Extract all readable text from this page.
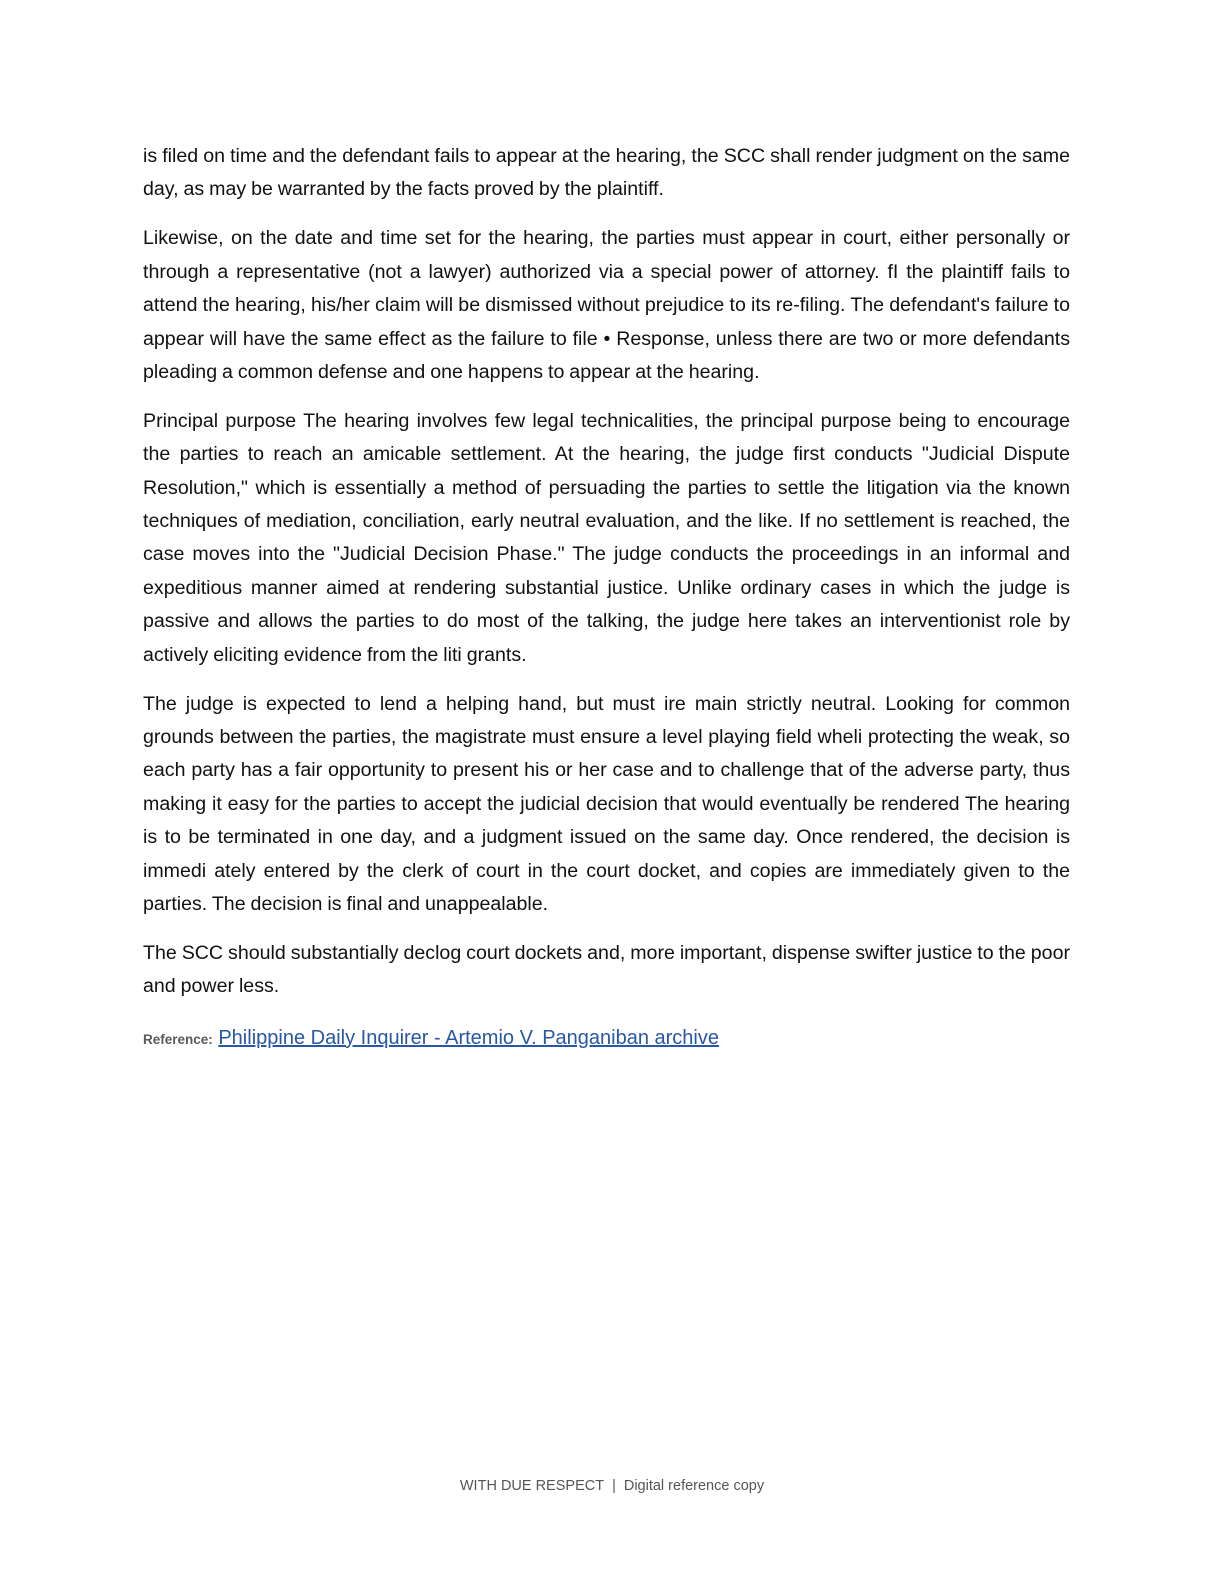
is filed on time and the defendant fails to appear at the hearing, the SCC shall render judgment on the same day, as may be warranted by the facts proved by the plaintiff.

Likewise, on the date and time set for the hearing, the parties must appear in court, either personally or through a representative (not a lawyer) authorized via a special power of attorney. fI the plaintiff fails to attend the hearing, his/her claim will be dismissed without prejudice to its re-filing. The defendant's failure to appear will have the same effect as the failure to file • Response, unless there are two or more defendants pleading a common defense and one happens to appear at the hearing.

Principal purpose The hearing involves few legal technicalities, the principal purpose being to encourage the parties to reach an amicable settlement. At the hearing, the judge first conducts "Judicial Dispute Resolution," which is essentially a method of persuading the parties to settle the litigation via the known techniques of mediation, conciliation, early neutral evaluation, and the like. If no settlement is reached, the case moves into the "Judicial Decision Phase." The judge conducts the proceedings in an informal and expeditious manner aimed at rendering substantial justice. Unlike ordinary cases in which the judge is passive and allows the parties to do most of the talking, the judge here takes an interventionist role by actively eliciting evidence from the liti grants.

The judge is expected to lend a helping hand, but must ire main strictly neutral. Looking for common grounds between the parties, the magistrate must ensure a level playing field wheli protecting the weak, so each party has a fair opportunity to present his or her case and to challenge that of the adverse party, thus making it easy for the parties to accept the judicial decision that would eventually be rendered The hearing is to be terminated in one day, and a judgment issued on the same day. Once rendered, the decision is immedi ately entered by the clerk of court in the court docket, and copies are immediately given to the parties. The decision is final and unappealable.

The SCC should substantially declog court dockets and, more important, dispense swifter justice to the poor and power less.

Reference: Philippine Daily Inquirer - Artemio V. Panganiban archive
WITH DUE RESPECT | Digital reference copy
